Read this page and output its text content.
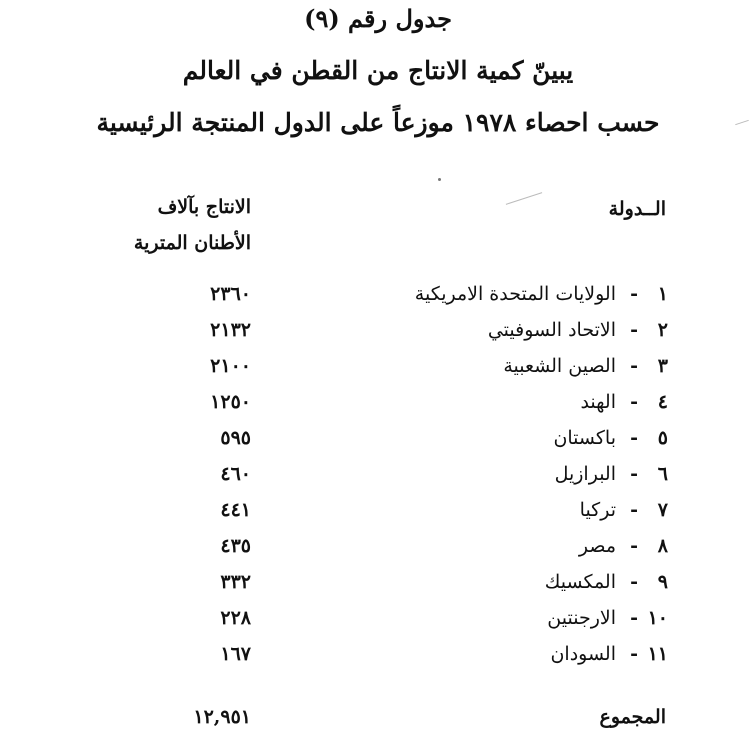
جدول رقم (٩)
يبينّ كمية الانتاج من القطن في العالم
حسب احصاء ١٩٧٨ موزعاً على الدول المنتجة الرئيسية
الــدولة
الانتاج بآلاف
الأطنان المترية
١
-
الولايات المتحدة الامريكية
٢٣٦٠
٢
-
الاتحاد السوفيتي
٢١٣٢
٣
-
الصين الشعبية
٢١٠٠
٤
-
الهند
١٢٥٠
٥
-
باكستان
٥٩٥
٦
-
البرازيل
٤٦٠
٧
-
تركيا
٤٤١
٨
-
مصر
٤٣٥
٩
-
المكسيك
٣٣٢
١٠
-
الارجنتين
٢٢٨
١١
-
السودان
١٦٧
المجموع
١٢,٩٥١
